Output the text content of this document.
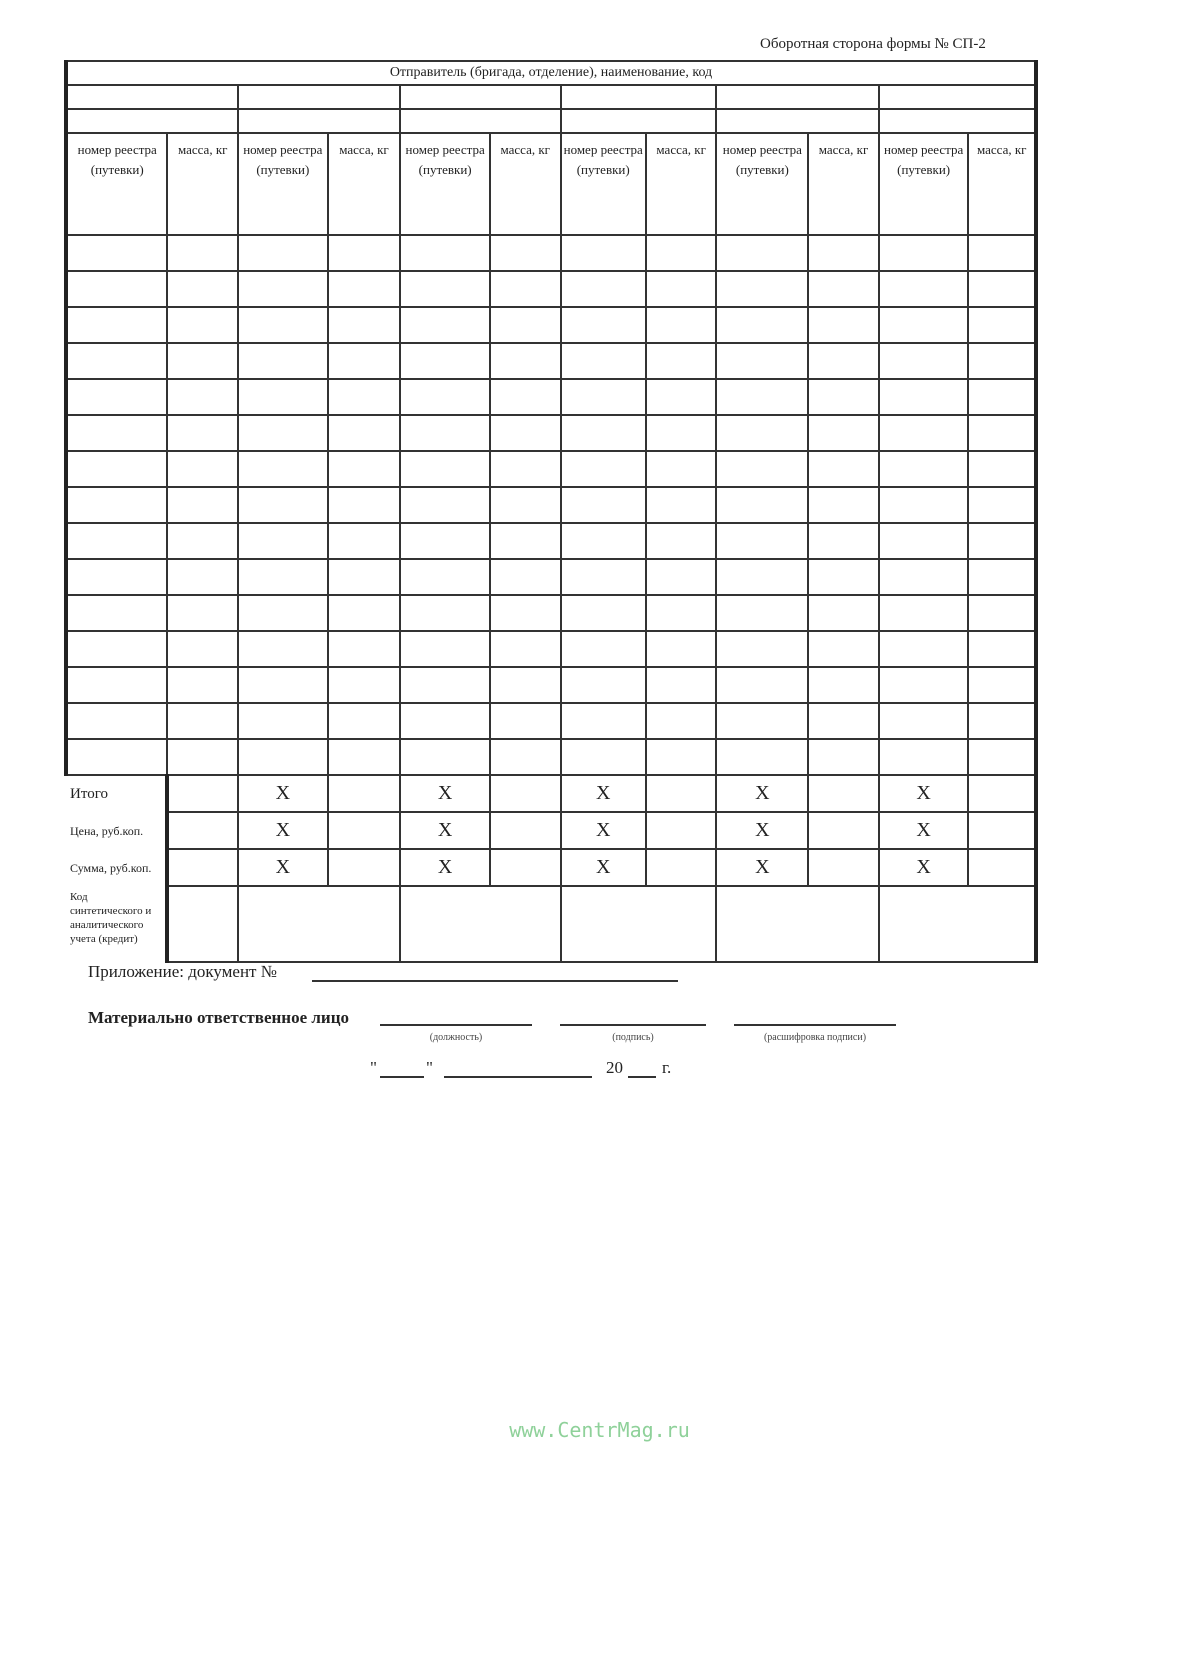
Оборотная сторона формы № СП-2
Отправитель (бригада, отделение), наименование, код											

номер реестра (путевки)	масса, кг	номер реестра (путевки)	масса, кг	номер реестра (путевки)	масса, кг	номер реестра (путевки)	масса, кг	номер реестра (путевки)	масса, кг	номер реестра (путевки)	масса, кг

Итого		Х		Х		Х		Х		Х	
Цена, руб.коп.		Х		Х		Х		Х		Х	
Сумма, руб.коп.		Х		Х		Х		Х		Х	
Код синтетического и аналитического учета (кредит)											
Приложение: документ №
Материально ответственное лицо
(должность)	(подпись)	(расшифровка подписи)
"	"	20 г.
www.CentrMag.ru
